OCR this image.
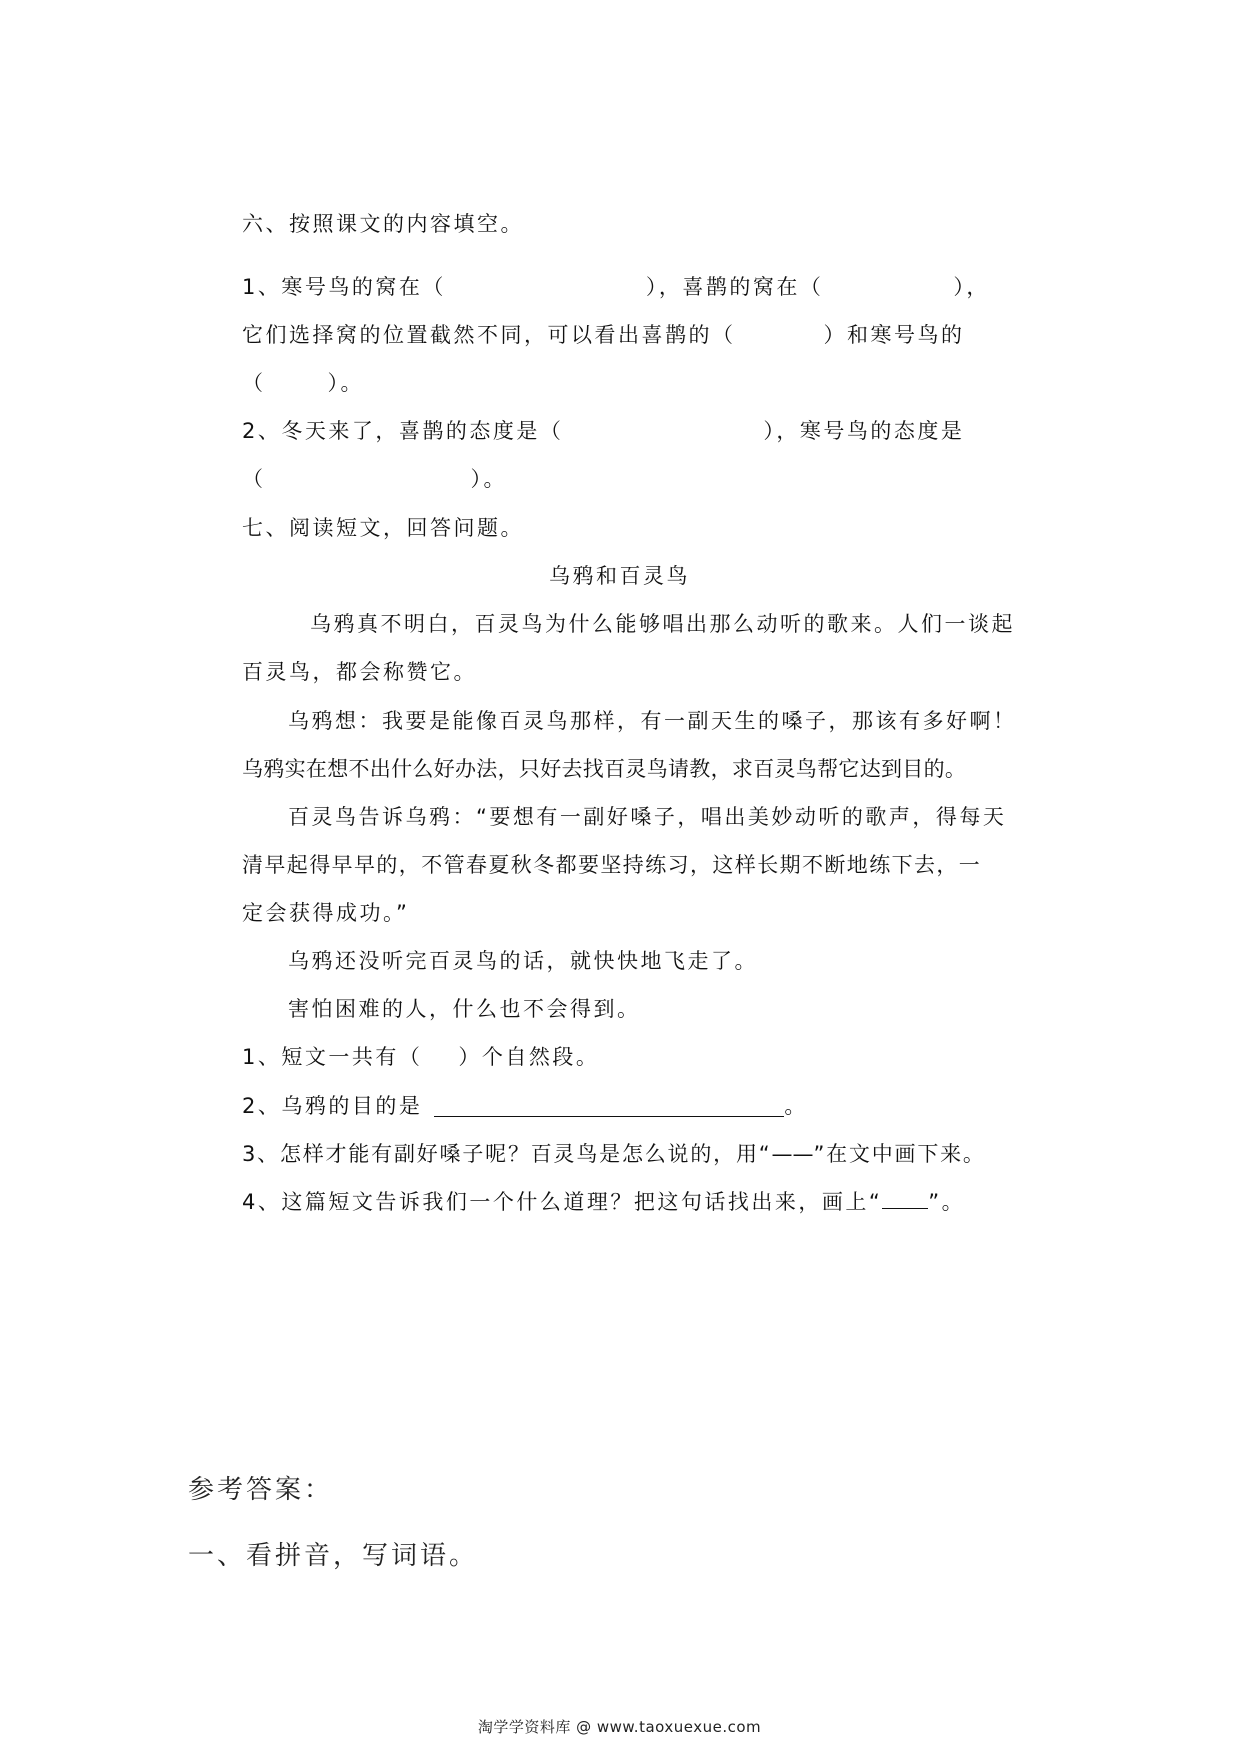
六、按照课文的内容填空。

1、寒号鸟的窝在（	），喜鹊的窝在（	），

它们选择窝的位置截然不同，可以看出喜鹊的（	）和寒号鸟的

（	）。

2、冬天来了，喜鹊的态度是（	），寒号鸟的态度是

（	）。

七、阅读短文，回答问题。

乌鸦和百灵鸟

乌鸦真不明白，百灵鸟为什么能够唱出那么动听的歌来。人们一谈起

百灵鸟，都会称赞它。

乌鸦想：我要是能像百灵鸟那样，有一副天生的嗓子，那该有多好啊！

乌鸦实在想不出什么好办法，只好去找百灵鸟请教，求百灵鸟帮它达到目的。

百灵鸟告诉乌鸦：“要想有一副好嗓子，唱出美妙动听的歌声，得每天

清早起得早早的，不管春夏秋冬都要坚持练习，这样长期不断地练下去，一

定会获得成功。”

乌鸦还没听完百灵鸟的话，就快快地飞走了。

害怕困难的人，什么也不会得到。

1、短文一共有（ ）个自然段。

2、乌鸦的目的是	。

3、怎样才能有副好嗓子呢？百灵鸟是怎么说的，用“——”在文中画下来。

4、这篇短文告诉我们一个什么道理？把这句话找出来，画上“ ”。

参考答案：

一、看拼音，写词语。

淘学学资料库 @ www.taoxuexue.com
